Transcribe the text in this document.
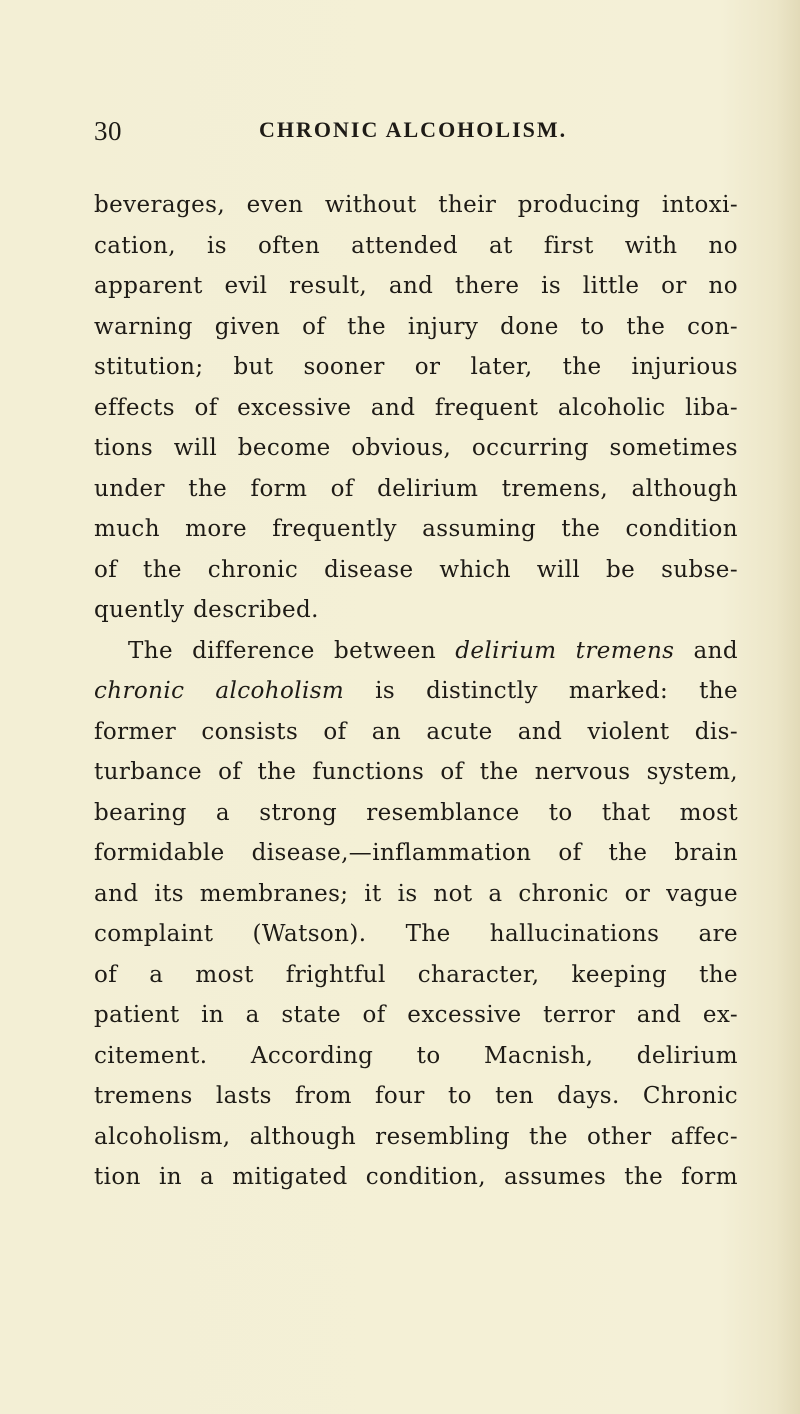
30	CHRONIC ALCOHOLISM.
beverages, even without their producing intoxi-
cation, is often attended at first with no
apparent evil result, and there is little or no
warning given of the injury done to the con-
stitution; but sooner or later, the injurious
effects of excessive and frequent alcoholic liba-
tions will become obvious, occurring sometimes
under the form of delirium tremens, although
much more frequently assuming the condition
of the chronic disease which will be subse-
quently described.
The difference between delirium tremens and
chronic alcoholism is distinctly marked: the
former consists of an acute and violent dis-
turbance of the functions of the nervous system,
bearing a strong resemblance to that most
formidable disease,—inflammation of the brain
and its membranes; it is not a chronic or vague
complaint (Watson). The hallucinations are
of a most frightful character, keeping the
patient in a state of excessive terror and ex-
citement. According to Macnish, delirium
tremens lasts from four to ten days. Chronic
alcoholism, although resembling the other affec-
tion in a mitigated condition, assumes the form
